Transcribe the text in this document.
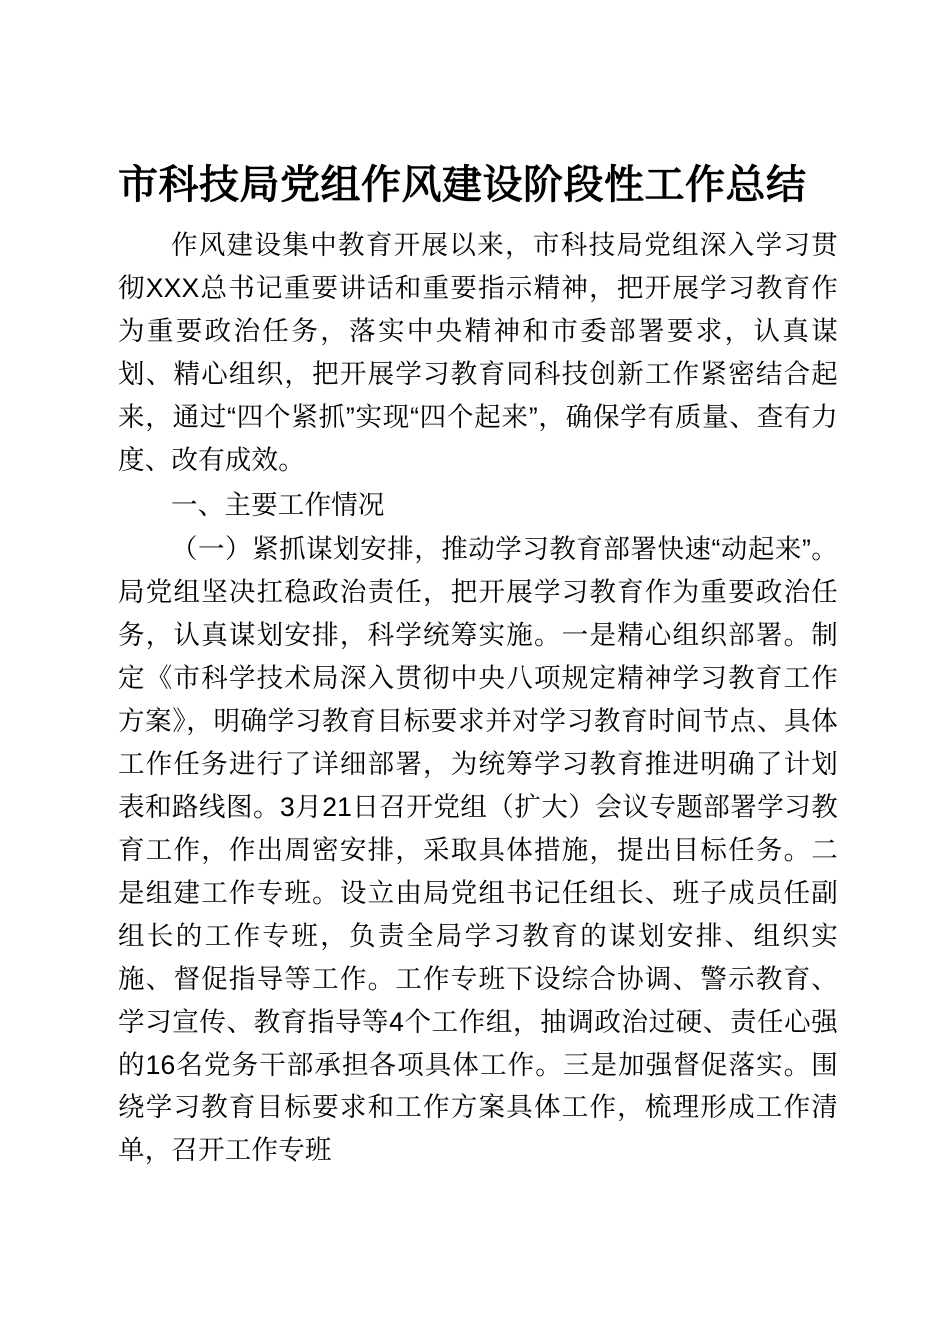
市科技局党组作风建设阶段性工作总结

作风建设集中教育开展以来，市科技局党组深入学习贯彻XXX总书记重要讲话和重要指示精神，把开展学习教育作为重要政治任务，落实中央精神和市委部署要求，认真谋划、精心组织，把开展学习教育同科技创新工作紧密结合起来，通过“四个紧抓”实现“四个起来”，确保学有质量、查有力度、改有成效。

一、主要工作情况

（一）紧抓谋划安排，推动学习教育部署快速“动起来”。局党组坚决扛稳政治责任，把开展学习教育作为重要政治任务，认真谋划安排，科学统筹实施。一是精心组织部署。制定《市科学技术局深入贯彻中央八项规定精神学习教育工作方案》，明确学习教育目标要求并对学习教育时间节点、具体工作任务进行了详细部署，为统筹学习教育推进明确了计划表和路线图。3月21日召开党组（扩大）会议专题部署学习教育工作，作出周密安排，采取具体措施，提出目标任务。二是组建工作专班。设立由局党组书记任组长、班子成员任副组长的工作专班，负责全局学习教育的谋划安排、组织实施、督促指导等工作。工作专班下设综合协调、警示教育、学习宣传、教育指导等4个工作组，抽调政治过硬、责任心强的16名党务干部承担各项具体工作。三是加强督促落实。围绕学习教育目标要求和工作方案具体工作，梳理形成工作清单，召开工作专班
